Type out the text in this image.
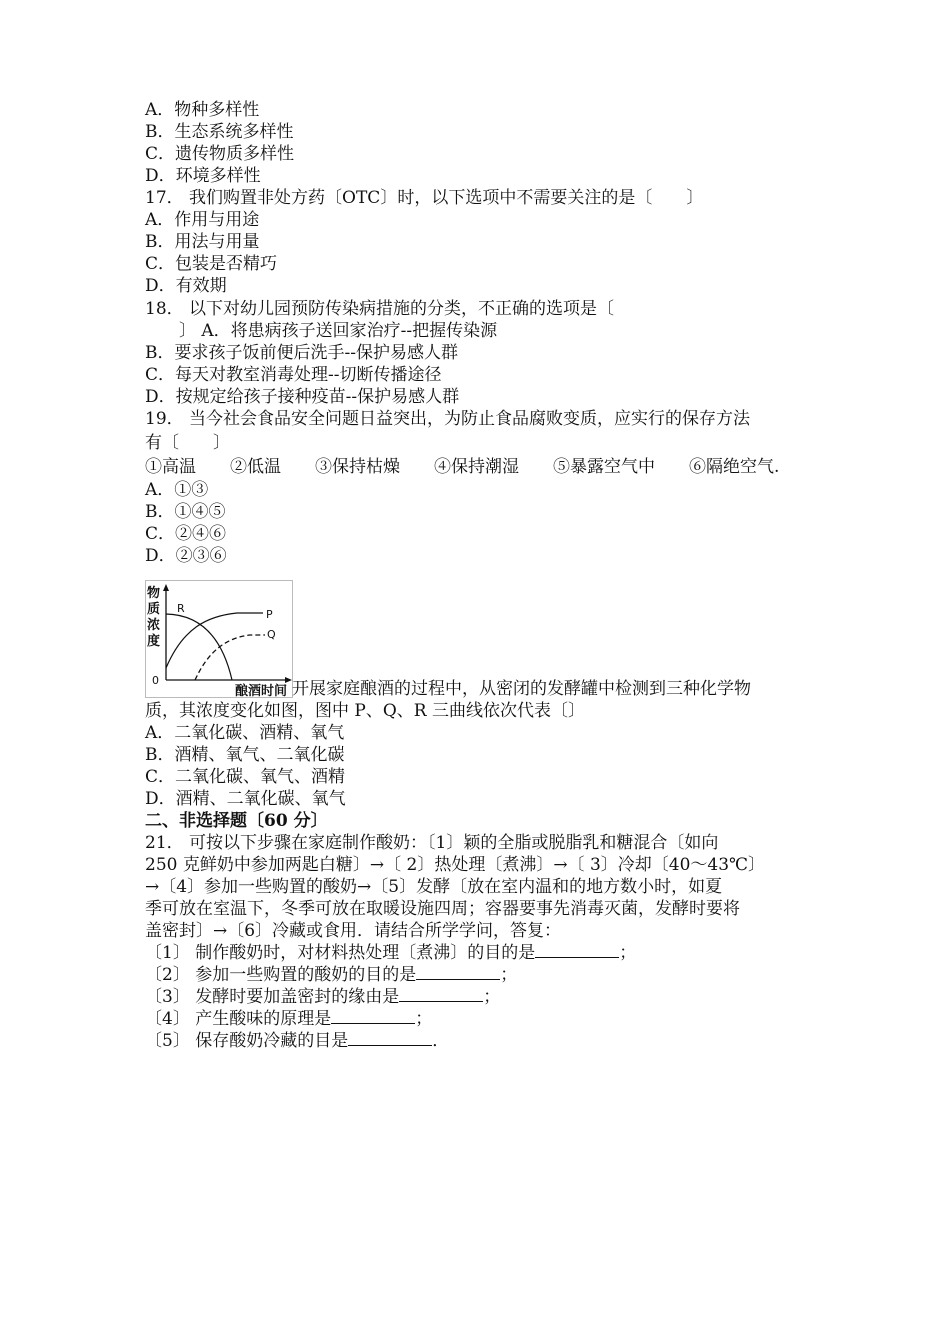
A．物种多样性
B．生态系统多样性
C．遗传物质多样性
D．环境多样性
17． 我们购置非处方药〔OTC〕时，以下选项中不需要关注的是〔　　〕
A．作用与用途
B．用法与用量
C．包装是否精巧
D．有效期
18． 以下对幼儿园预防传染病措施的分类，不正确的选项是〔
　　〕 A．将患病孩子送回家治疗--把握传染源
B．要求孩子饭前便后洗手--保护易感人群
C．每天对教室消毒处理--切断传播途径
D．按规定给孩子接种疫苗--保护易感人群
19． 当今社会食品安全问题日益突出，为防止食品腐败变质，应实行的保存方法
有〔　　〕
①高温　　②低温　　③保持枯燥　　④保持潮湿　　⑤暴露空气中　　⑥隔绝空气.
A．①③
B．①④⑤
C．②④⑥
D．②③⑥
物
质
浓
度
酿酒时间
0
R	P
Q
开展家庭酿酒的过程中，从密闭的发酵罐中检测到三种化学物
质，其浓度变化如图，图中 P、Q、R 三曲线依次代表〔〕
A．二氧化碳、酒精、氧气
B．酒精、氧气、二氧化碳
C．二氧化碳、氧气、酒精
D．酒精、二氧化碳、氧气
二、非选择题〔60 分〕
21． 可按以下步骤在家庭制作酸奶：〔1〕颖的全脂或脱脂乳和糖混合〔如向
250 克鲜奶中参加两匙白糖〕→〔 2〕热处理〔煮沸〕→〔 3〕冷却〔40～43℃〕
→〔4〕参加一些购置的酸奶→〔5〕发酵〔放在室内温和的地方数小时，如夏
季可放在室温下，冬季可放在取暖设施四周；容器要事先消毒灭菌，发酵时要将
盖密封〕→〔6〕冷藏或食用．请结合所学学问，答复：
〔1〕 制作酸奶时，对材料热处理〔煮沸〕的目的是	；
〔2〕 参加一些购置的酸奶的目的是	；
〔3〕 发酵时要加盖密封的缘由是	；
〔4〕 产生酸味的原理是	；
〔5〕 保存酸奶冷藏的目是	．
